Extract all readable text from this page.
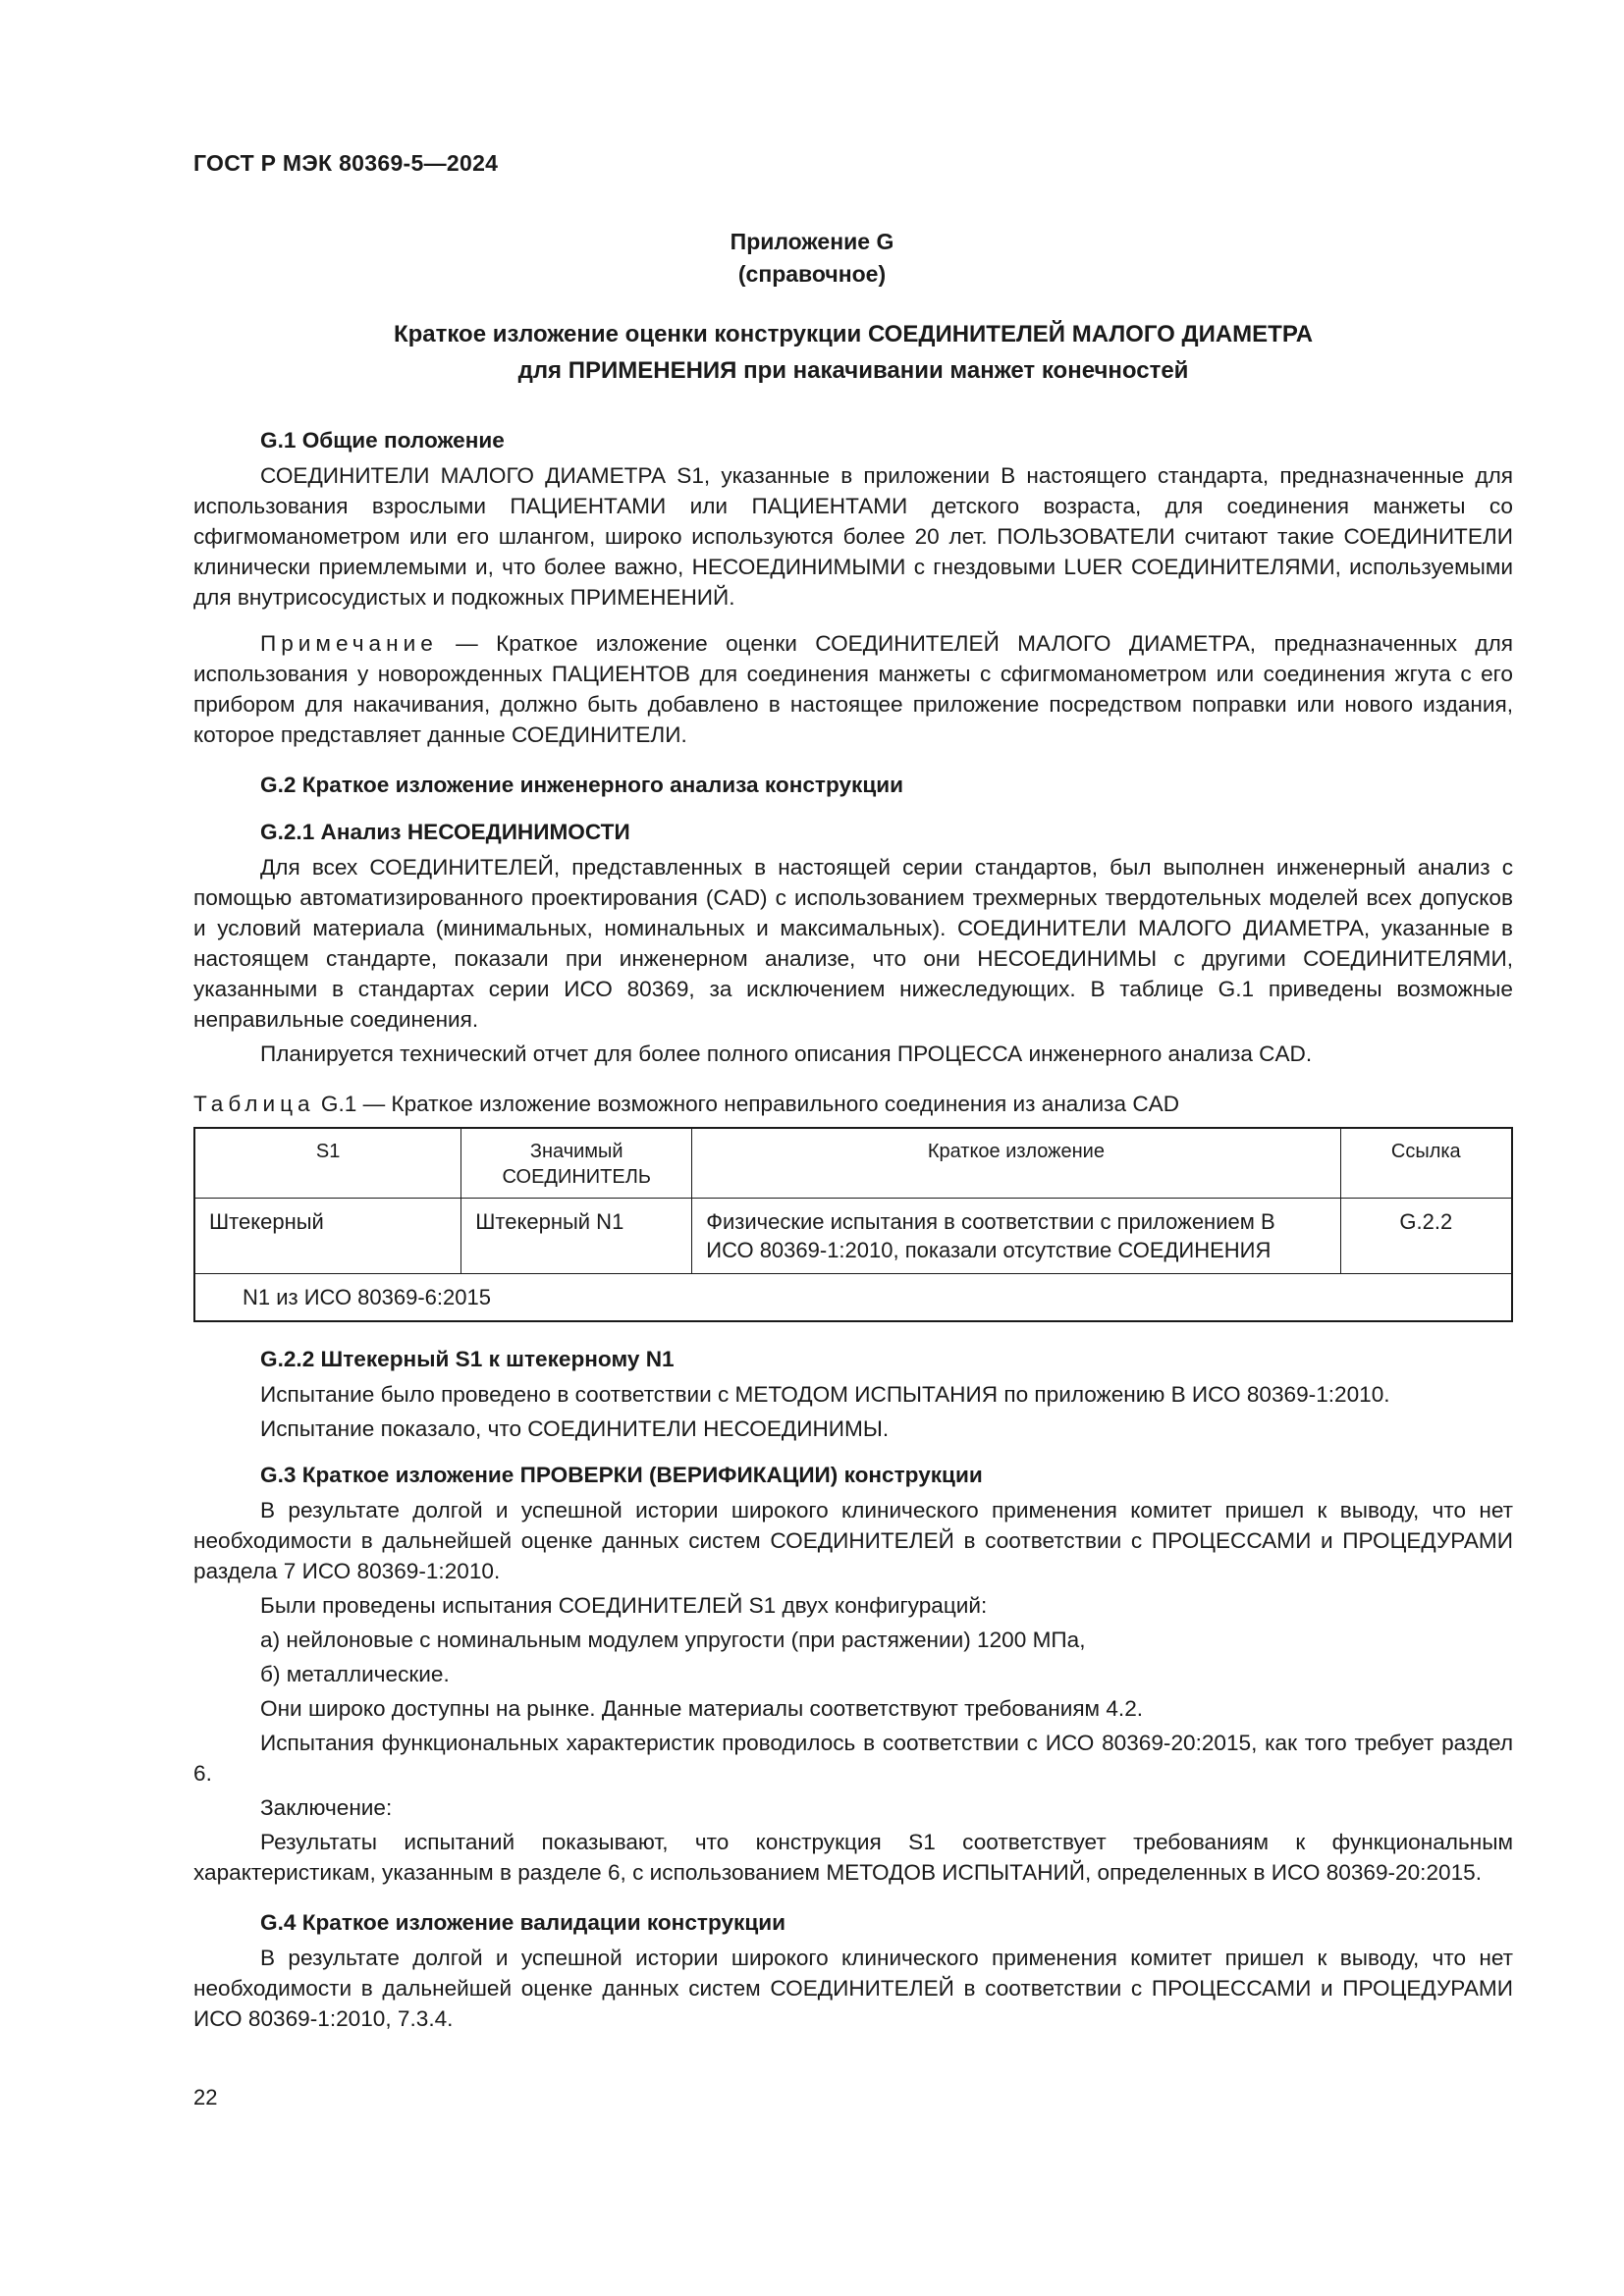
ГОСТ Р МЭК 80369-5—2024
Приложение G
(справочное)
Краткое изложение оценки конструкции СОЕДИНИТЕЛЕЙ МАЛОГО ДИАМЕТРА
для ПРИМЕНЕНИЯ при накачивании манжет конечностей
G.1 Общие положение
СОЕДИНИТЕЛИ МАЛОГО ДИАМЕТРА S1, указанные в приложении В настоящего стандарта, предназначенные для использования взрослыми ПАЦИЕНТАМИ или ПАЦИЕНТАМИ детского возраста, для соединения манжеты со сфигмоманометром или его шлангом, широко используются более 20 лет. ПОЛЬЗОВАТЕЛИ считают такие СОЕДИНИТЕЛИ клинически приемлемыми и, что более важно, НЕСОЕДИНИМЫМИ с гнездовыми LUER СОЕДИНИТЕЛЯМИ, используемыми для внутрисосудистых и подкожных ПРИМЕНЕНИЙ.
Примечание — Краткое изложение оценки СОЕДИНИТЕЛЕЙ МАЛОГО ДИАМЕТРА, предназначенных для использования у новорожденных ПАЦИЕНТОВ для соединения манжеты с сфигмоманометром или соединения жгута с его прибором для накачивания, должно быть добавлено в настоящее приложение посредством поправки или нового издания, которое представляет данные СОЕДИНИТЕЛИ.
G.2 Краткое изложение инженерного анализа конструкции
G.2.1 Анализ НЕСОЕДИНИМОСТИ
Для всех СОЕДИНИТЕЛЕЙ, представленных в настоящей серии стандартов, был выполнен инженерный анализ с помощью автоматизированного проектирования (CAD) с использованием трехмерных твердотельных моделей всех допусков и условий материала (минимальных, номинальных и максимальных). СОЕДИНИТЕЛИ МАЛОГО ДИАМЕТРА, указанные в настоящем стандарте, показали при инженерном анализе, что они НЕСОЕДИНИМЫ с другими СОЕДИНИТЕЛЯМИ, указанными в стандартах серии ИСО 80369, за исключением нижеследующих. В таблице G.1 приведены возможные неправильные соединения.
Планируется технический отчет для более полного описания ПРОЦЕССА инженерного анализа CAD.
Таблица G.1 — Краткое изложение возможного неправильного соединения из анализа CAD
S1	Значимый СОЕДИНИТЕЛЬ	Краткое изложение	Ссылка
Штекерный	Штекерный N1	Физические испытания в соответствии с приложением В ИСО 80369-1:2010, показали отсутствие СОЕДИНЕНИЯ	G.2.2
N1 из ИСО 80369-6:2015			
G.2.2 Штекерный S1 к штекерному N1
Испытание было проведено в соответствии с МЕТОДОМ ИСПЫТАНИЯ по приложению В ИСО 80369-1:2010.
Испытание показало, что СОЕДИНИТЕЛИ НЕСОЕДИНИМЫ.
G.3 Краткое изложение ПРОВЕРКИ (ВЕРИФИКАЦИИ) конструкции
В результате долгой и успешной истории широкого клинического применения комитет пришел к выводу, что нет необходимости в дальнейшей оценке данных систем СОЕДИНИТЕЛЕЙ в соответствии с ПРОЦЕССАМИ и ПРОЦЕДУРАМИ раздела 7 ИСО 80369-1:2010.
Были проведены испытания СОЕДИНИТЕЛЕЙ S1 двух конфигураций:
а) нейлоновые с номинальным модулем упругости (при растяжении) 1200 МПа,
б) металлические.
Они широко доступны на рынке. Данные материалы соответствуют требованиям 4.2.
Испытания функциональных характеристик проводилось в соответствии с ИСО 80369-20:2015, как того требует раздел 6.
Заключение:
Результаты испытаний показывают, что конструкция S1 соответствует требованиям к функциональным характеристикам, указанным в разделе 6, с использованием МЕТОДОВ ИСПЫТАНИЙ, определенных в ИСО 80369-20:2015.
G.4 Краткое изложение валидации конструкции
В результате долгой и успешной истории широкого клинического применения комитет пришел к выводу, что нет необходимости в дальнейшей оценке данных систем СОЕДИНИТЕЛЕЙ в соответствии с ПРОЦЕССАМИ и ПРОЦЕДУРАМИ ИСО 80369-1:2010, 7.3.4.
22
